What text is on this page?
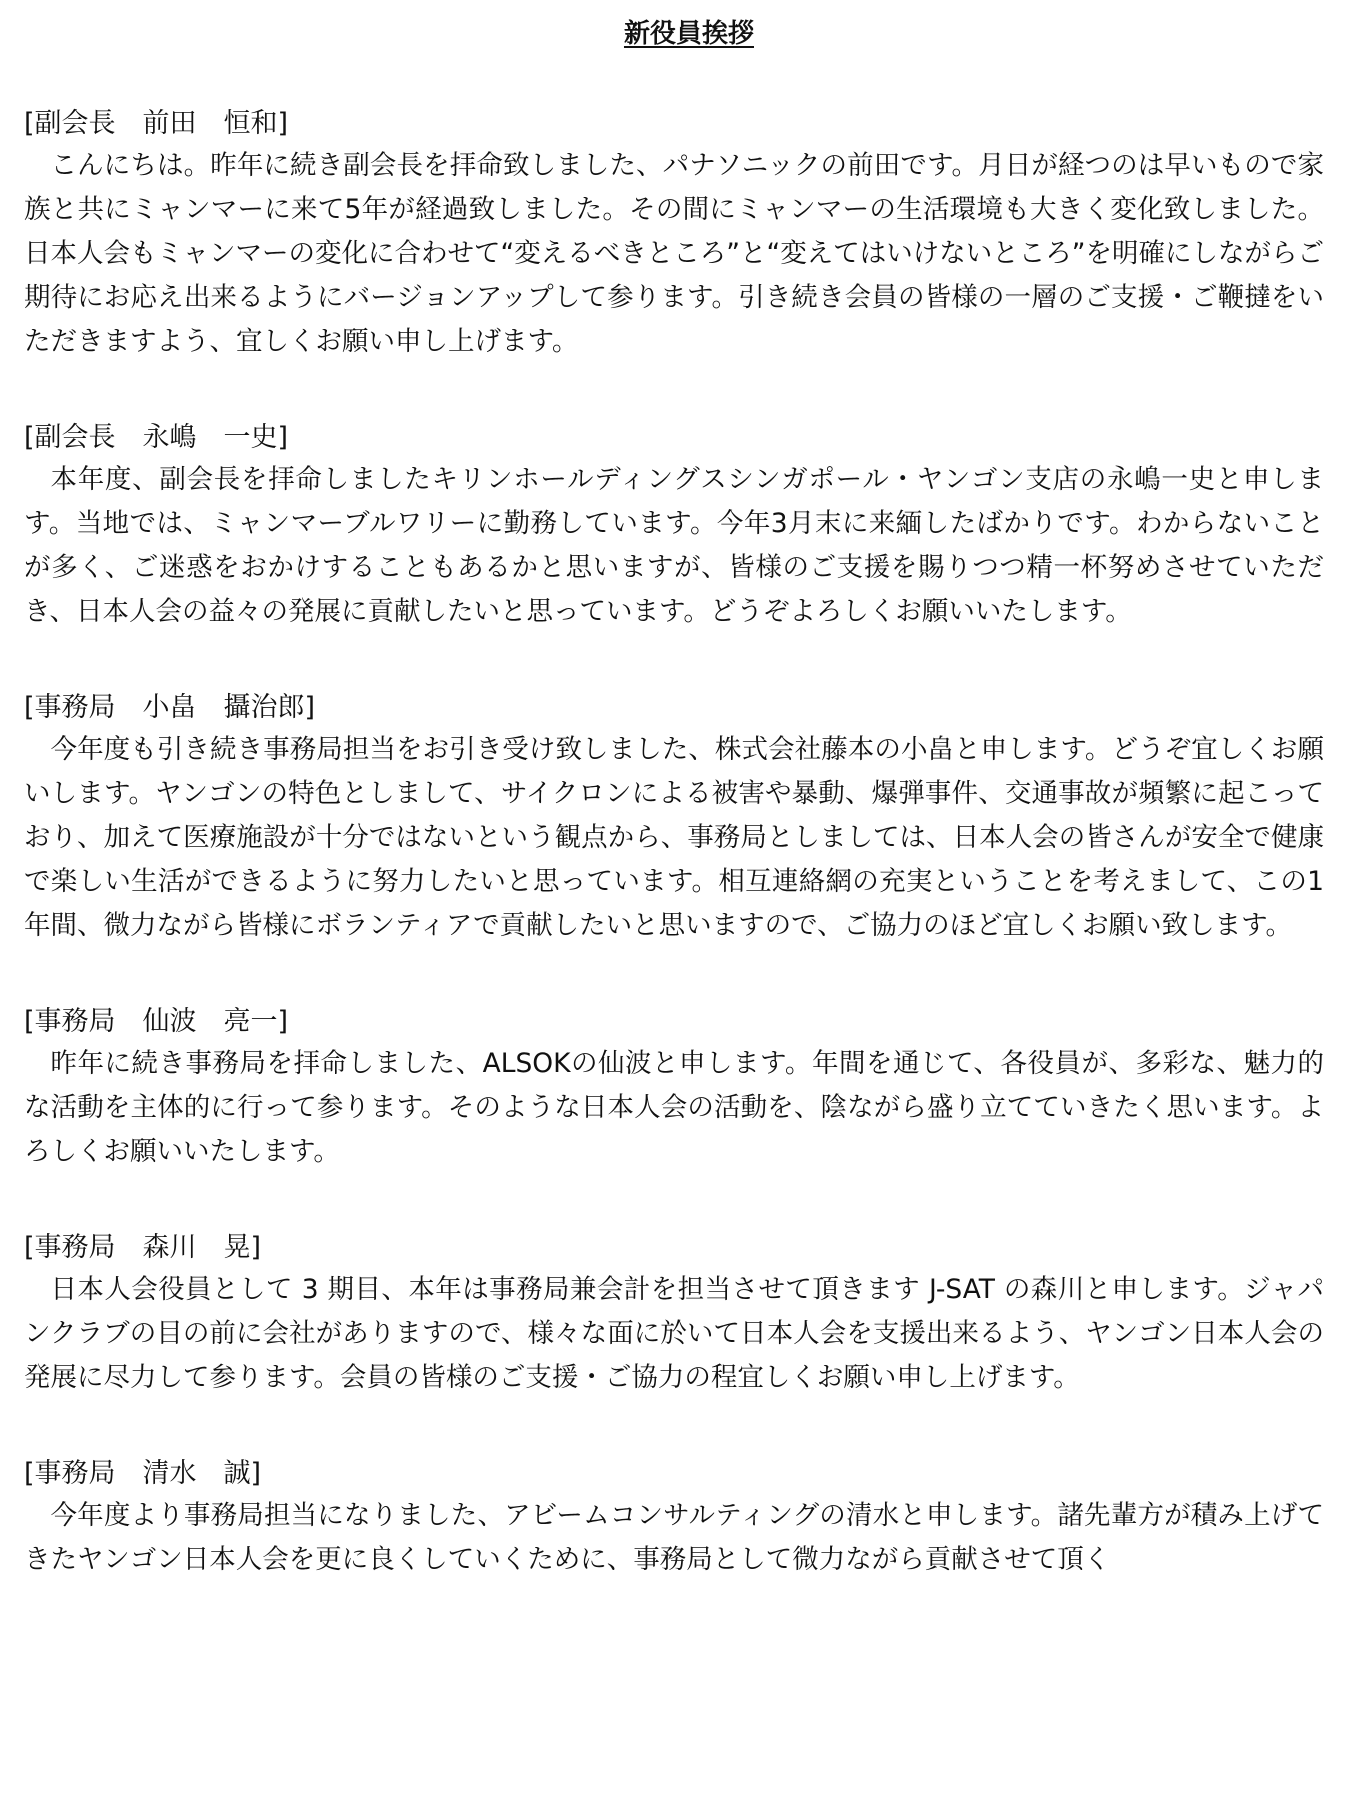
新役員挨拶
[副会長　前田　恒和]

こんにちは。昨年に続き副会長を拝命致しました、パナソニックの前田です。月日が経つのは早いもので家族と共にミャンマーに来て5年が経過致しました。その間にミャンマーの生活環境も大きく変化致しました。日本人会もミャンマーの変化に合わせて“変えるべきところ”と“変えてはいけないところ”を明確にしながらご期待にお応え出来るようにバージョンアップして参ります。引き続き会員の皆様の一層のご支援・ご鞭撻をいただきますよう、宜しくお願い申し上げます。

[副会長　永嶋　一史]

本年度、副会長を拝命しましたキリンホールディングスシンガポール・ヤンゴン支店の永嶋一史と申します。当地では、ミャンマーブルワリーに勤務しています。今年3月末に来緬したばかりです。わからないことが多く、ご迷惑をおかけすることもあるかと思いますが、皆様のご支援を賜りつつ精一杯努めさせていただき、日本人会の益々の発展に貢献したいと思っています。どうぞよろしくお願いいたします。

[事務局　小畠　攝治郎]

今年度も引き続き事務局担当をお引き受け致しました、株式会社藤本の小畠と申します。どうぞ宜しくお願いします。ヤンゴンの特色としまして、サイクロンによる被害や暴動、爆弾事件、交通事故が頻繁に起こっており、加えて医療施設が十分ではないという観点から、事務局としましては、日本人会の皆さんが安全で健康で楽しい生活ができるように努力したいと思っています。相互連絡網の充実ということを考えまして、この1年間、微力ながら皆様にボランティアで貢献したいと思いますので、ご協力のほど宜しくお願い致します。

[事務局　仙波　亮一]

昨年に続き事務局を拝命しました、ALSOKの仙波と申します。年間を通じて、各役員が、多彩な、魅力的な活動を主体的に行って参ります。そのような日本人会の活動を、陰ながら盛り立てていきたく思います。よろしくお願いいたします。

[事務局　森川　晃]

日本人会役員として 3 期目、本年は事務局兼会計を担当させて頂きます J-SAT の森川と申します。ジャパンクラブの目の前に会社がありますので、様々な面に於いて日本人会を支援出来るよう、ヤンゴン日本人会の発展に尽力して参ります。会員の皆様のご支援・ご協力の程宜しくお願い申し上げます。

[事務局　清水　誠]

今年度より事務局担当になりました、アビームコンサルティングの清水と申します。諸先輩方が積み上げてきたヤンゴン日本人会を更に良くしていくために、事務局として微力ながら貢献させて頂く
